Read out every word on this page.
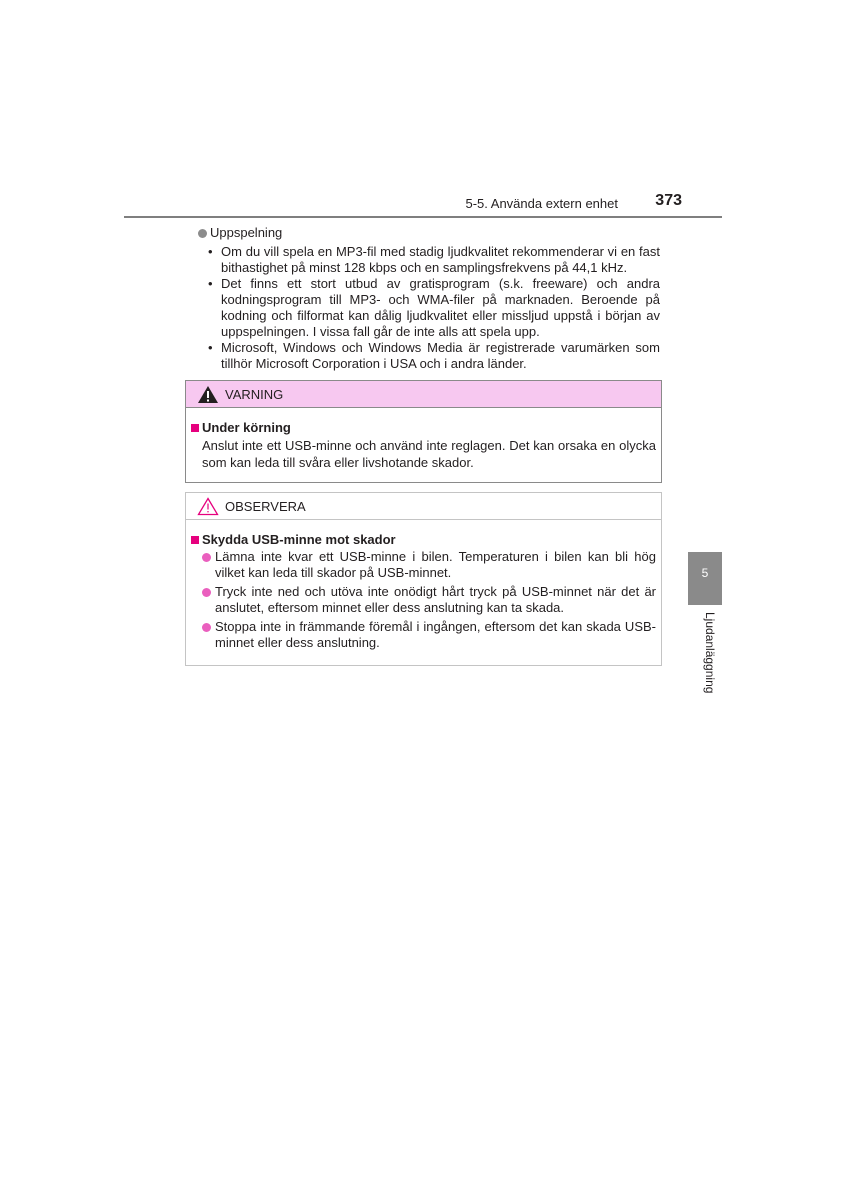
5-5. Använda extern enhet 373
Uppspelning
• Om du vill spela en MP3-fil med stadig ljudkvalitet rekommenderar vi en fast bithastighet på minst 128 kbps och en samplingsfrekvens på 44,1 kHz.
• Det finns ett stort utbud av gratisprogram (s.k. freeware) och andra kodningsprogram till MP3- och WMA-filer på marknaden. Beroende på kodning och filformat kan dålig ljudkvalitet eller missljud uppstå i början av uppspelningen. I vissa fall går de inte alls att spela upp.
• Microsoft, Windows och Windows Media är registrerade varumärken som tillhör Microsoft Corporation i USA och i andra länder.
VARNING
Under körning
Anslut inte ett USB-minne och använd inte reglagen. Det kan orsaka en olycka som kan leda till svåra eller livshotande skador.
OBSERVERA
Skydda USB-minne mot skador
Lämna inte kvar ett USB-minne i bilen. Temperaturen i bilen kan bli hög vilket kan leda till skador på USB-minnet.
Tryck inte ned och utöva inte onödigt hårt tryck på USB-minnet när det är anslutet, eftersom minnet eller dess anslutning kan ta skada.
Stoppa inte in främmande föremål i ingången, eftersom det kan skada USB-minnet eller dess anslutning.
5
Ljudanläggning
